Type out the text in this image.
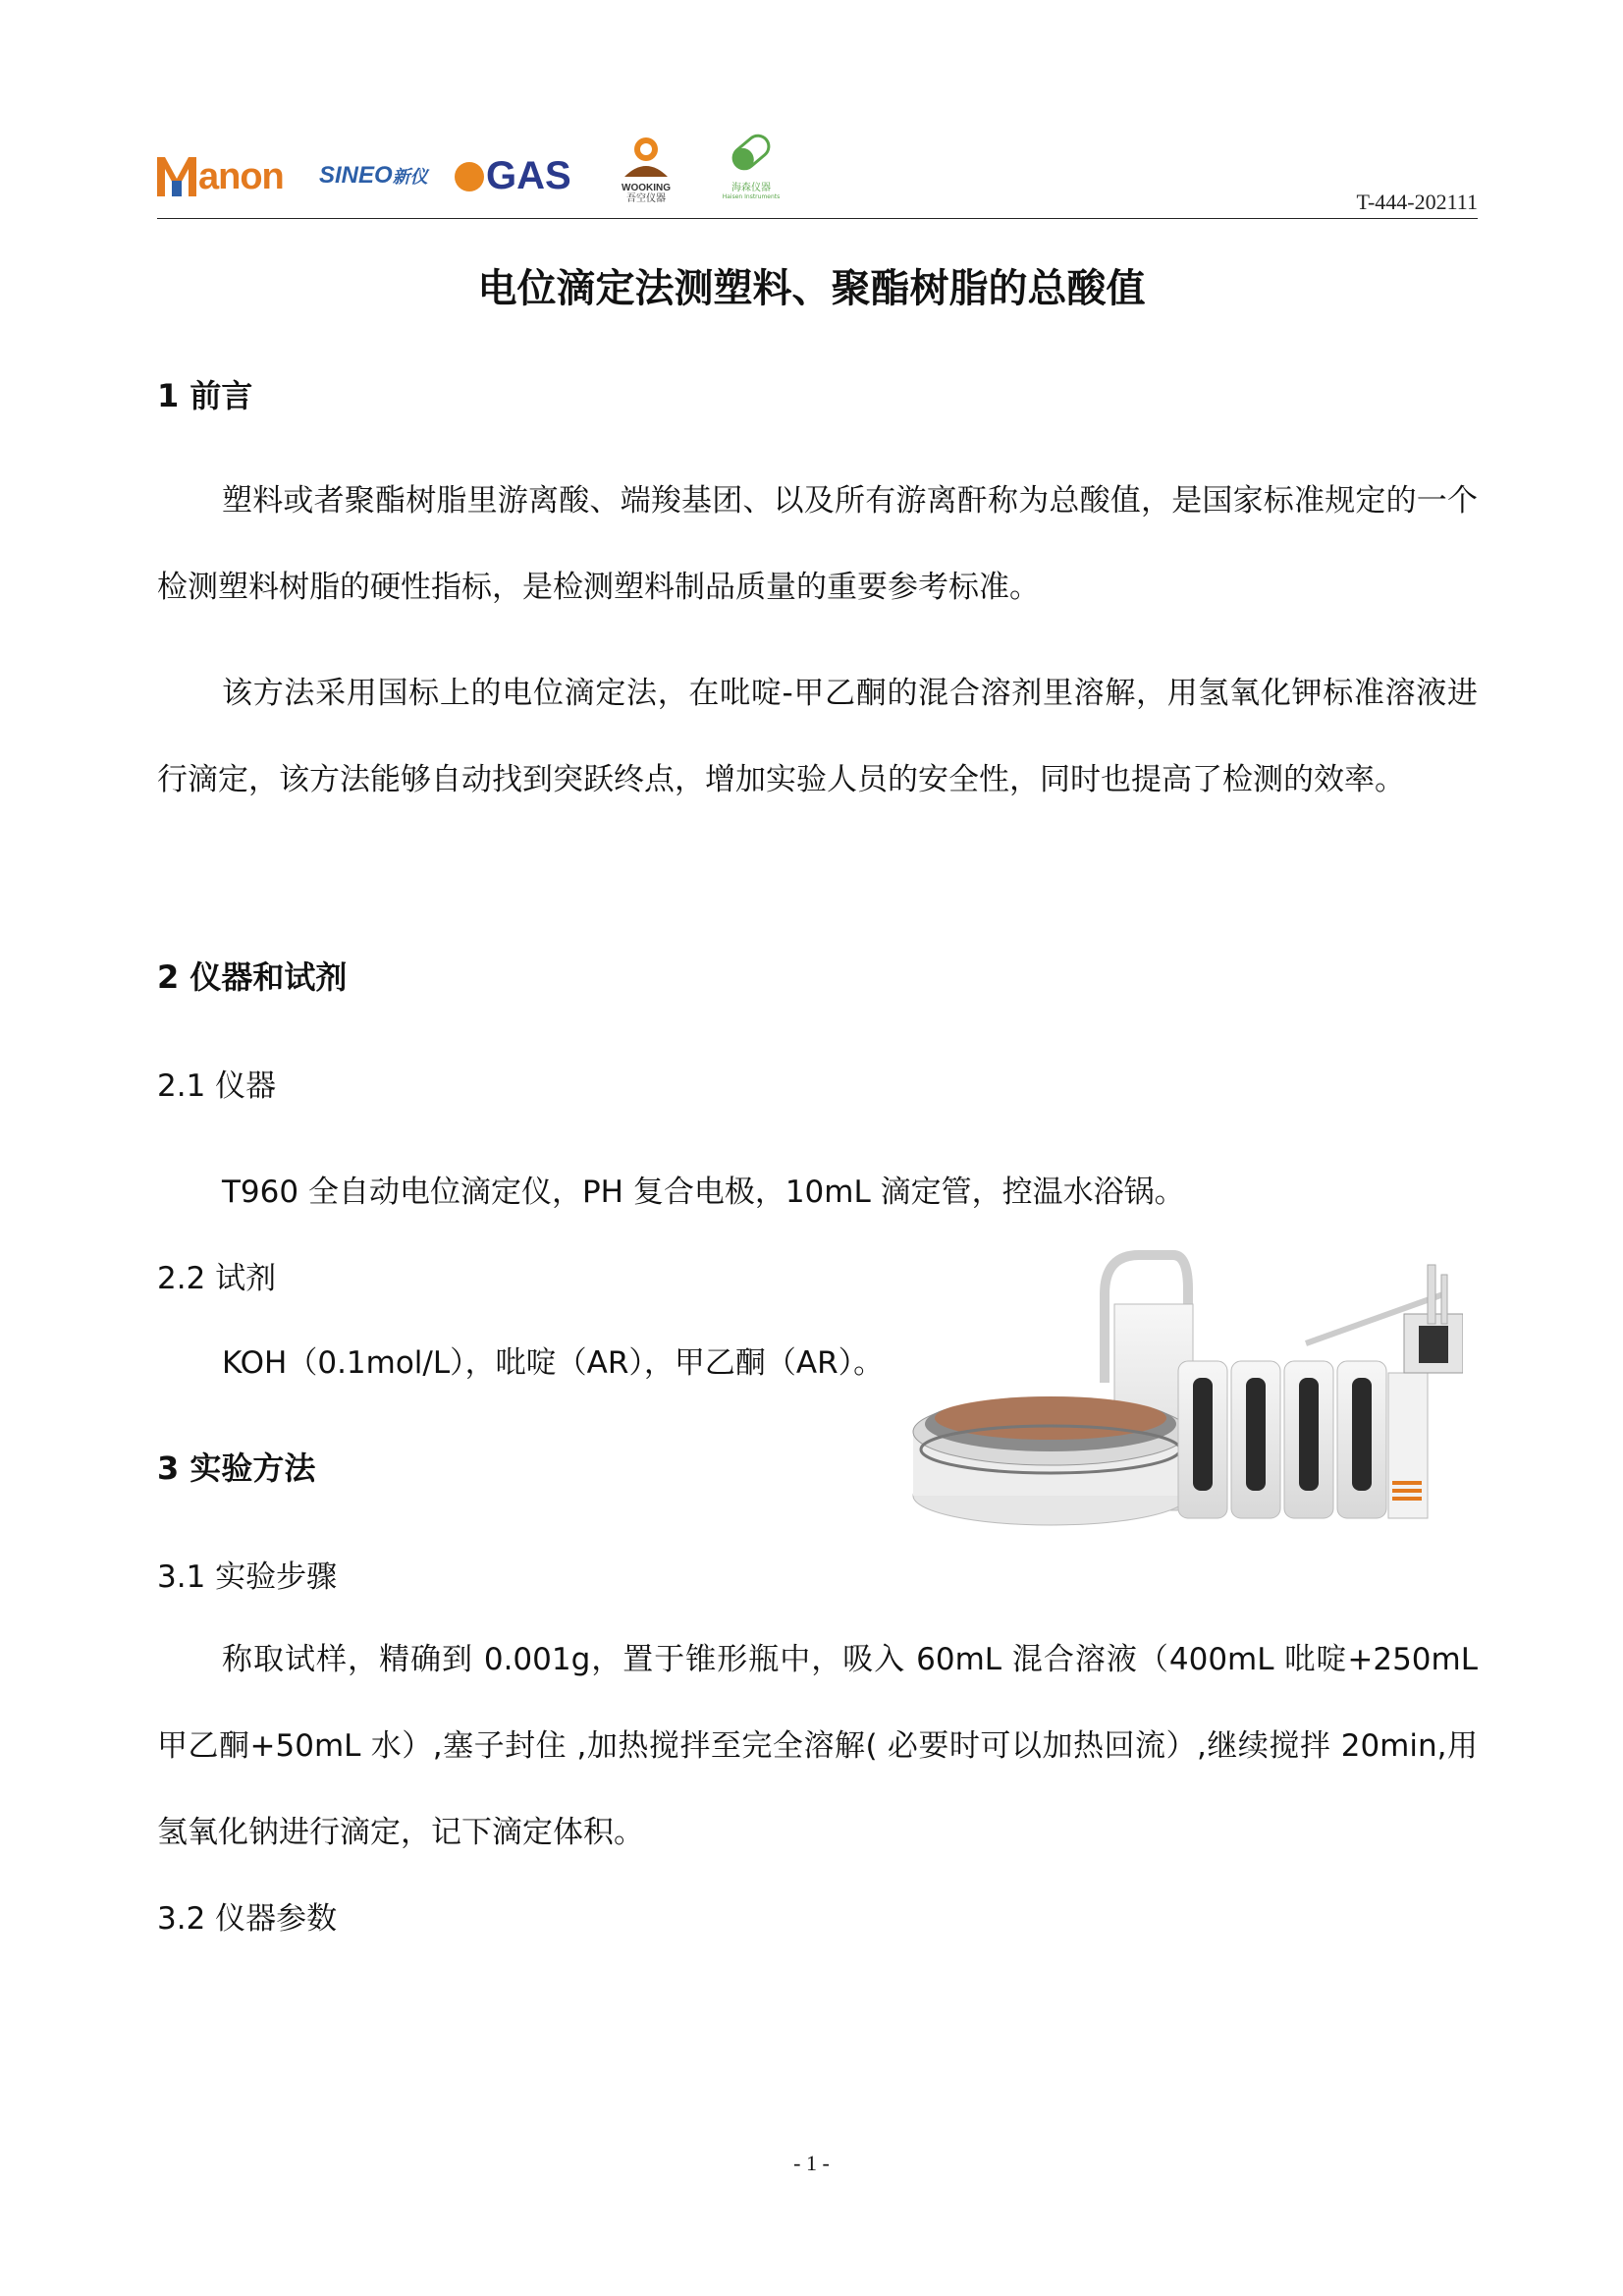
anon SINEO新仪 GAS	WOOKING
吾空仪器
海森仪器
Haisen Instruments	T-444-202111
电位滴定法测塑料、聚酯树脂的总酸值
1 前言
塑料或者聚酯树脂里游离酸、端羧基团、以及所有游离酐称为总酸值，是国家标准规定的一个检测塑料树脂的硬性指标，是检测塑料制品质量的重要参考标准。
该方法采用国标上的电位滴定法，在吡啶-甲乙酮的混合溶剂里溶解，用氢氧化钾标准溶液进行滴定，该方法能够自动找到突跃终点，增加实验人员的安全性，同时也提高了检测的效率。
2 仪器和试剂
2.1 仪器
T960 全自动电位滴定仪，PH 复合电极，10mL 滴定管，控温水浴锅。
2.2 试剂
KOH（0.1mol/L），吡啶（AR），甲乙酮（AR）。
3 实验方法
3.1 实验步骤
称取试样，精确到 0.001g，置于锥形瓶中，吸入 60mL 混合溶液（400mL 吡啶+250mL 甲乙酮+50mL 水）,塞子封住 ,加热搅拌至完全溶解( 必要时可以加热回流）,继续搅拌 20min,用氢氧化钠进行滴定，记下滴定体积。
3.2 仪器参数
- 1 -
